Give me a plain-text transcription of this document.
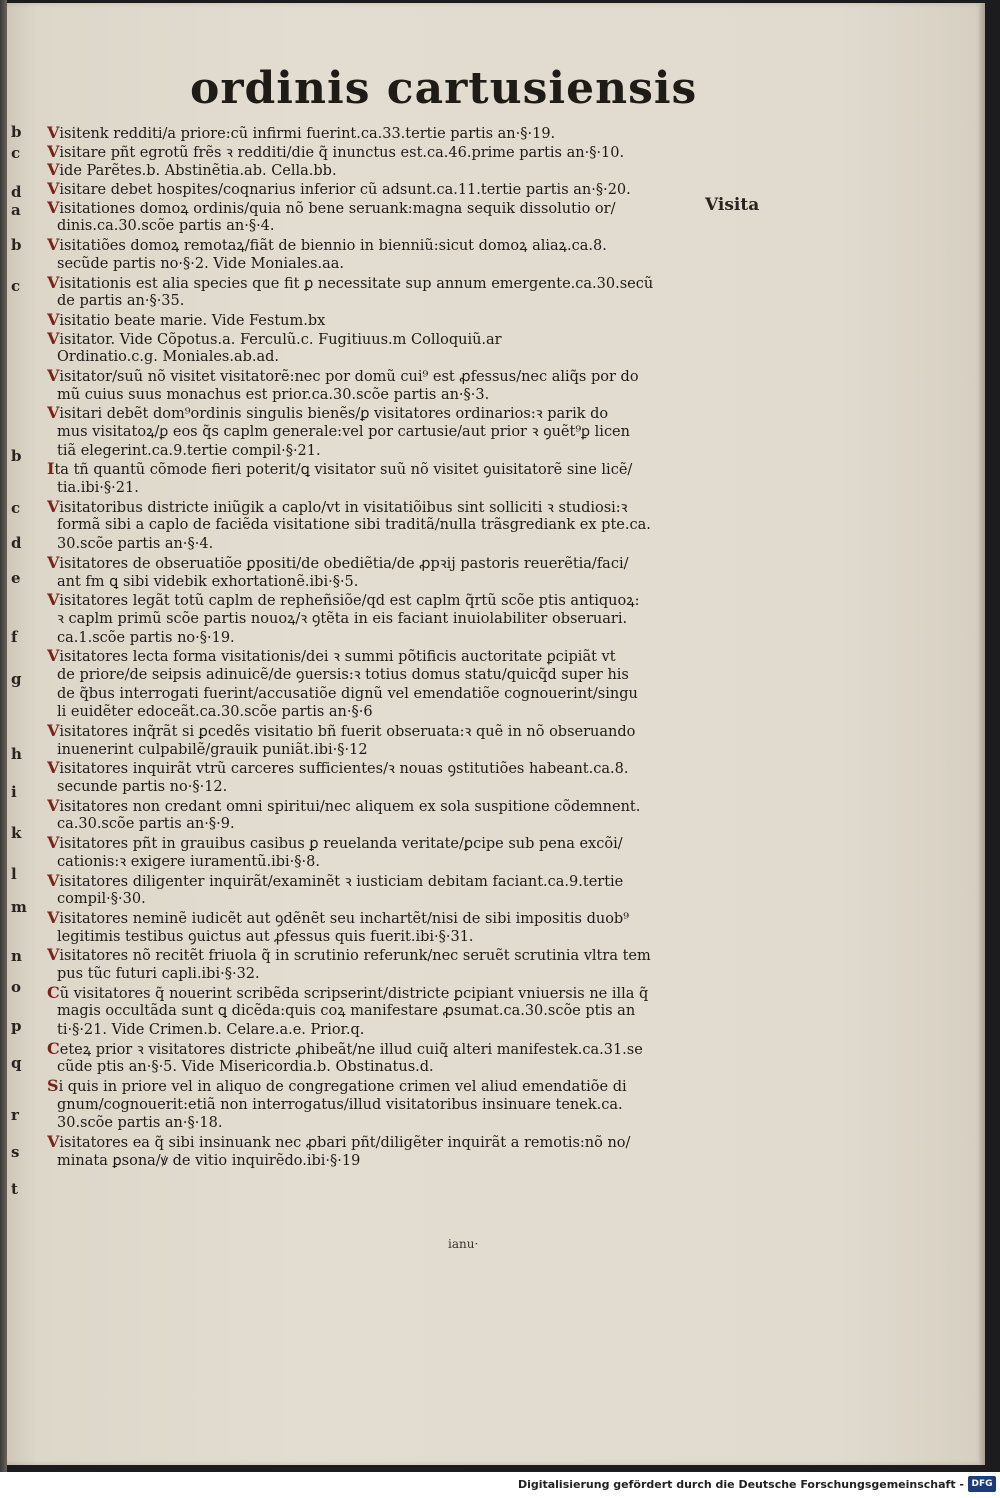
ordinis cartusiensis
b
c
d
a
b
c
b
c
d
e
f
g
h
i
k
l
m
n
o
p
q
r
s
t
Visita
Visitenk redditi/a priore:cũ infirmi fuerint.ca.33.tertie partis an·§·19.
Visitare pñt egrotũ frẽs ꝛ redditi/die q̃ inunctus est.ca.46.prime partis an·§·10.
Vide Parẽtes.b. Abstinẽtia.ab. Cella.bb.
Visitare debet hospites/coqnarius inferior cũ adsunt.ca.11.tertie partis an·§·20.
Visitationes domoꝝ ordinis/quia nõ bene seruank:magna sequik dissolutio or/
dinis.ca.30.scõe partis an·§·4.
Visitatiões domoꝝ remotaꝝ/fiãt de biennio in bienniũ:sicut domoꝝ aliaꝝ.ca.8.
secũde partis no·§·2. Vide Moniales.aa.
Visitationis est alia species que fit ꝑ necessitate sup annum emergente.ca.30.secũ
de partis an·§·35.
Visitatio beate marie. Vide Festum.bx
Visitator. Vide Cõpotus.a. Ferculũ.c. Fugitiuus.m Colloquiũ.ar
Ordinatio.c.g. Moniales.ab.ad.
Visitator/suũ nõ visitet visitatorẽ:nec por domũ cui⁹ est ꝓfessus/nec aliq̃s por do
mũ cuius suus monachus est prior.ca.30.scõe partis an·§·3.
Visitari debẽt dom⁹ordinis singulis bienẽs/ꝑ visitatores ordinarios:ꝛ parik do
mus visitatoꝝ/ꝑ eos q̃s caplm generale:vel por cartusie/aut prior ꝛ ꝯuẽt⁹ꝑ licen
tiã elegerint.ca.9.tertie compil·§·21.
Ita tñ quantũ cõmode fieri poterit/ꝗ visitator suũ nõ visitet ꝯuisitatorẽ sine licẽ/
tia.ibi·§·21.
Visitatoribus districte iniũgik a caplo/vt in visitatiõibus sint solliciti ꝛ studiosi:ꝛ
formã sibi a caplo de faciẽda visitatione sibi traditã/nulla trãsgrediank ex pte.ca.
30.scõe partis an·§·4.
Visitatores de obseruatiõe ꝑpositi/de obediẽtia/de ꝓpꝛij pastoris reuerẽtia/faci/
ant fm ꝗ sibi videbik exhortationẽ.ibi·§·5.
Visitatores legãt totũ caplm de repheñsiõe/qd est caplm q̃rtũ scõe ptis antiquoꝝ:
ꝛ caplm primũ scõe partis nouoꝝ/ꝛ ꝯtẽta in eis faciant inuiolabiliter obseruari.
ca.1.scõe partis no·§·19.
Visitatores lecta forma visitationis/dei ꝛ summi põtificis auctoritate ꝑcipiãt vt
de priore/de seipsis adinuicẽ/de ꝯuersis:ꝛ totius domus statu/quicq̃d super his
de q̃bus interrogati fuerint/accusatiõe dignũ vel emendatiõe cognouerint/singu
li euidẽter edoceãt.ca.30.scõe partis an·§·6
Visitatores inq̃rãt si ꝑcedẽs visitatio bñ fuerit obseruata:ꝛ quẽ in nõ obseruando
inuenerint culpabilẽ/grauik puniãt.ibi·§·12
Visitatores inquirãt vtrũ carceres sufficientes/ꝛ nouas ꝯstitutiões habeant.ca.8.
secunde partis no·§·12.
Visitatores non credant omni spiritui/nec aliquem ex sola suspitione cõdemnent.
ca.30.scõe partis an·§·9.
Visitatores pñt in grauibus casibus ꝑ reuelanda veritate/ꝑcipe sub pena excõi/
cationis:ꝛ exigere iuramentũ.ibi·§·8.
Visitatores diligenter inquirãt/examinẽt ꝛ iusticiam debitam faciant.ca.9.tertie
compil·§·30.
Visitatores neminẽ iudicẽt aut ꝯdẽnẽt seu inchartẽt/nisi de sibi impositis duob⁹
legitimis testibus ꝯuictus aut ꝓfessus quis fuerit.ibi·§·31.
Visitatores nõ recitẽt friuola q̃ in scrutinio referunk/nec seruẽt scrutinia vltra tem
pus tũc futuri capli.ibi·§·32.
Cũ visitatores q̃ nouerint scribẽda scripserint/districte ꝑcipiant vniuersis ne illa q̃
magis occultãda sunt ꝗ dicẽda:quis coꝝ manifestare ꝓsumat.ca.30.scõe ptis an
ti·§·21. Vide Crimen.b. Celare.a.e. Prior.q.
Ceteꝝ prior ꝛ visitatores districte ꝓhibeãt/ne illud cuiq̃ alteri manifestek.ca.31.se
cũde ptis an·§·5. Vide Misericordia.b. Obstinatus.d.
Si quis in priore vel in aliquo de congregatione crimen vel aliud emendatiõe di
gnum/cognouerit:etiã non interrogatus/illud visitatoribus insinuare tenek.ca.
30.scõe partis an·§·18.
Visitatores ea q̃ sibi insinuank nec ꝓbari pñt/diligẽter inquirãt a remotis:nõ no/
minata ꝑsona/ꝟ de vitio inquirẽdo.ibi·§·19
ianu·
Digitalisierung gefördert durch die Deutsche Forschungsgemeinschaft - DFG
